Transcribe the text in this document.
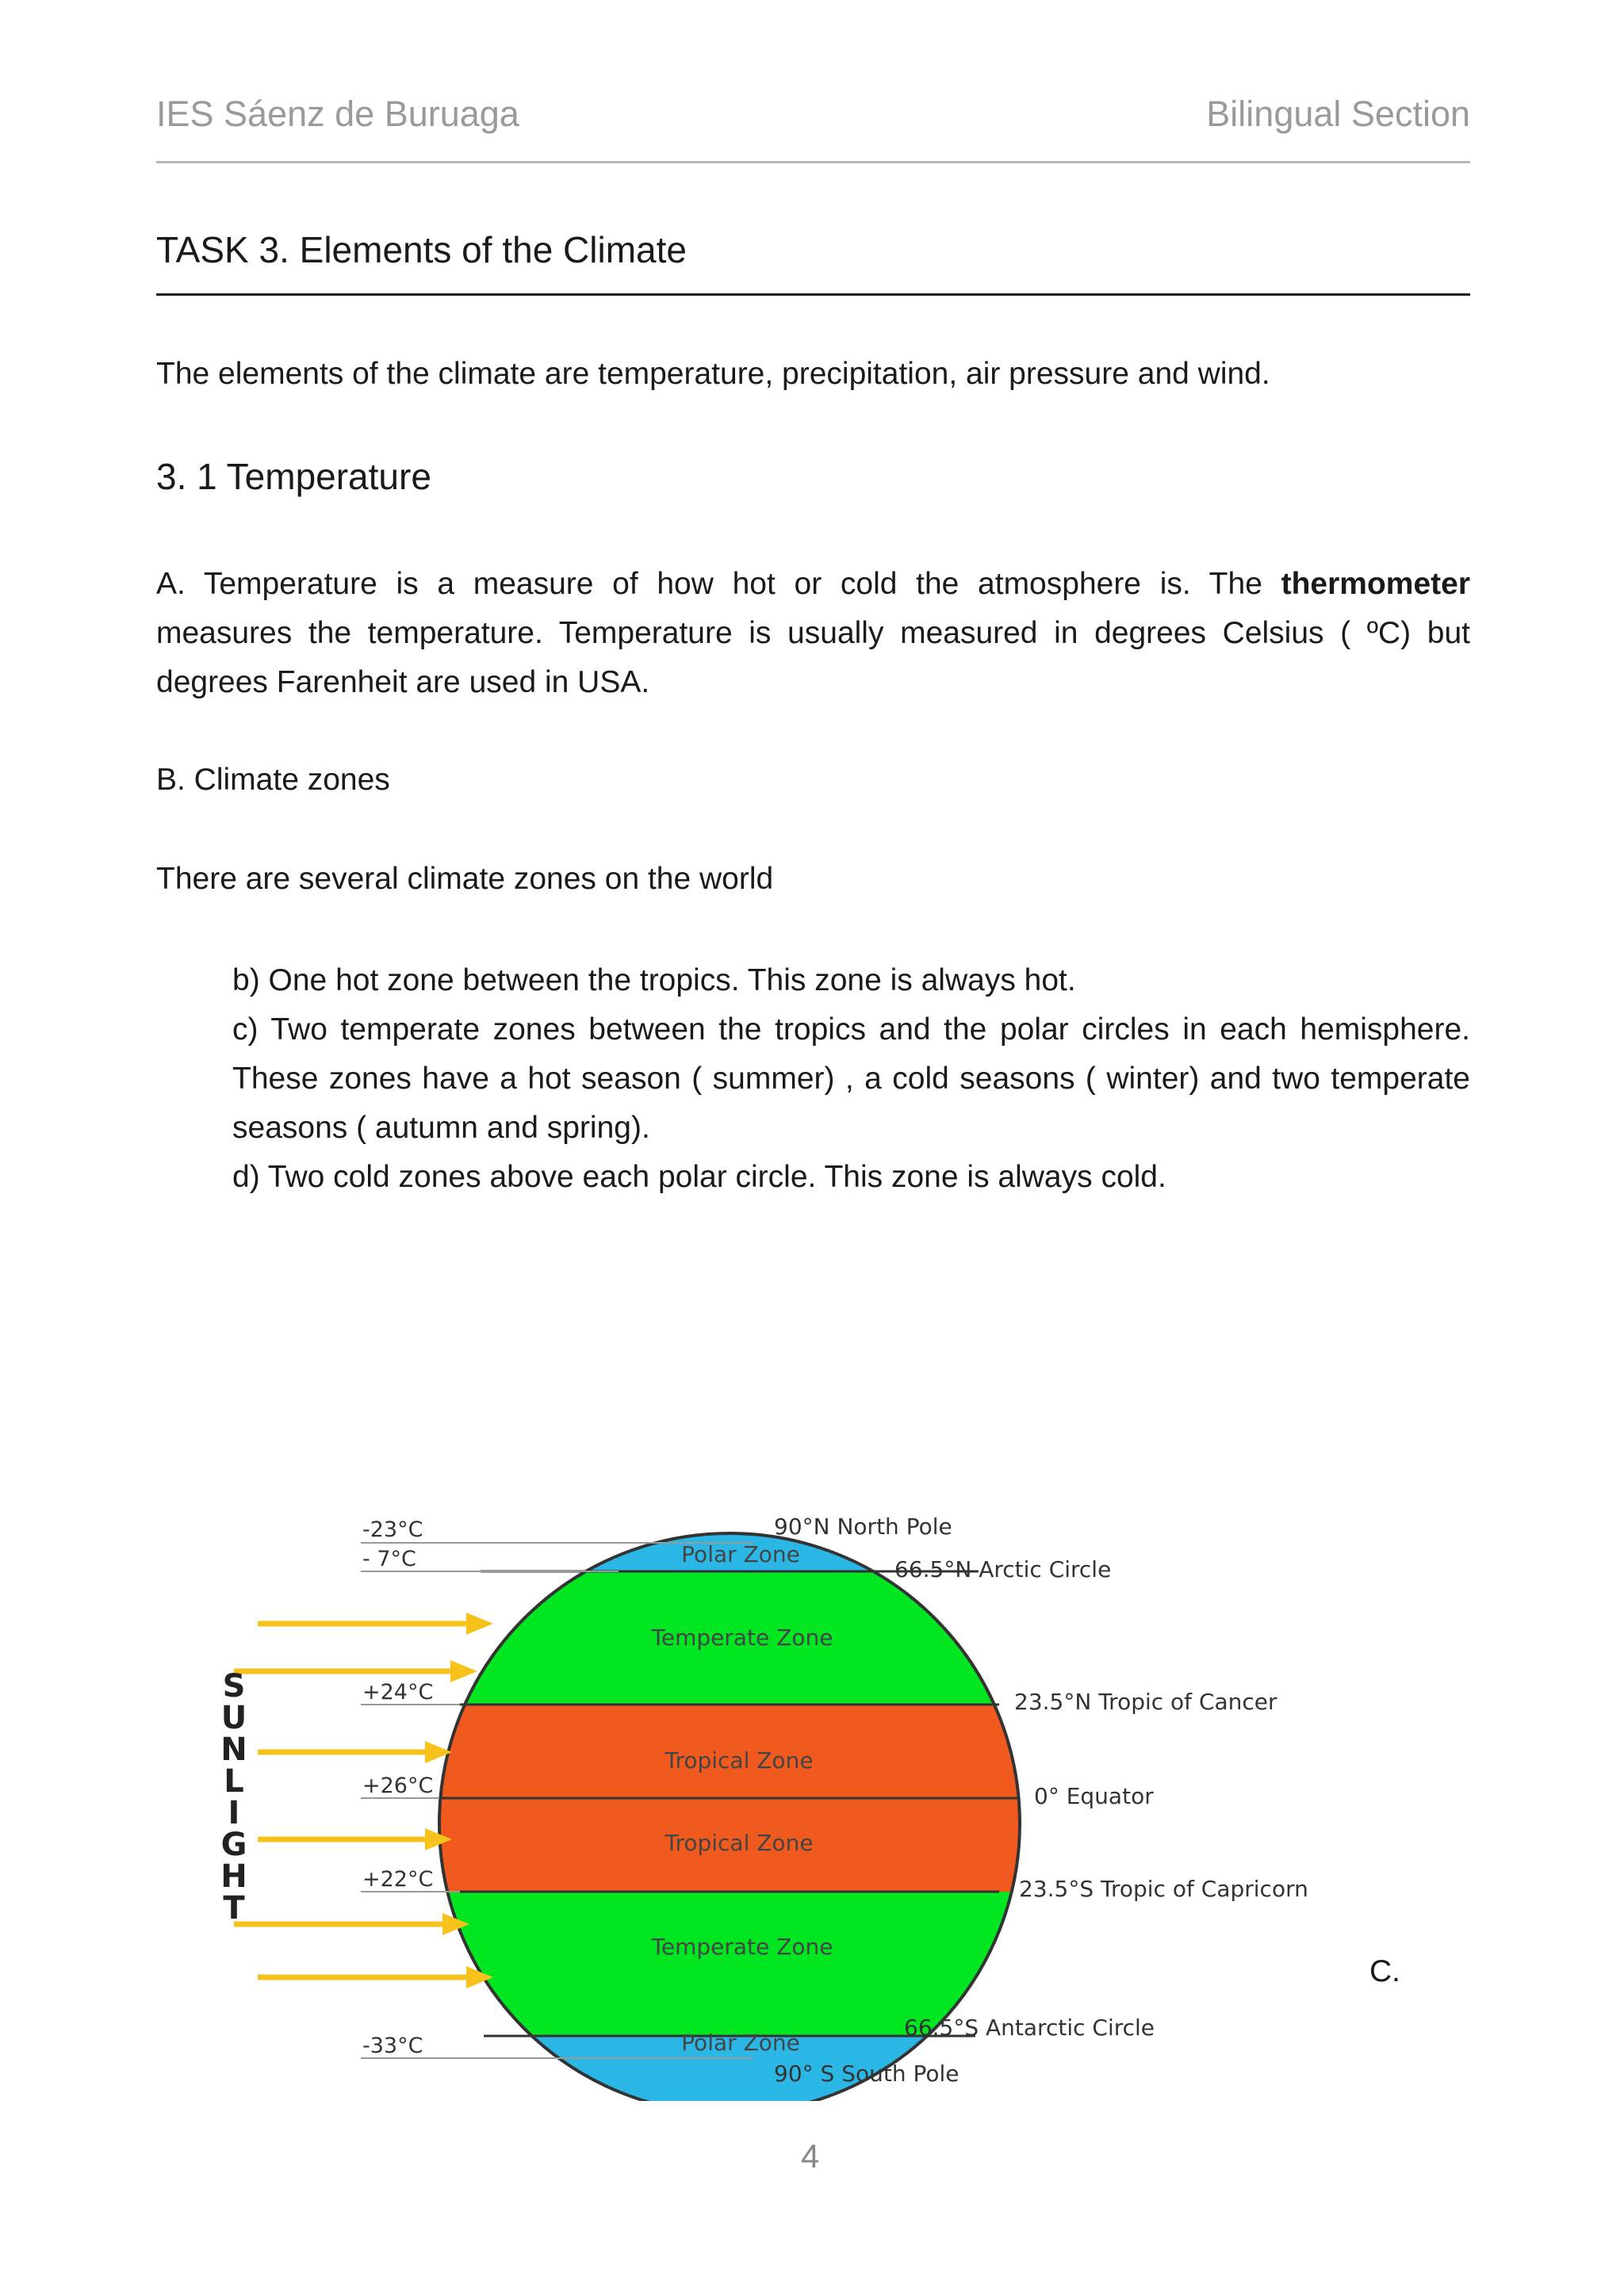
IES Sáenz de Buruaga	Bilingual Section
TASK 3. Elements of the Climate
The elements of the climate are temperature, precipitation, air pressure and wind.
3. 1 Temperature
A. Temperature is a measure of how hot or cold the atmosphere is. The thermometer measures the temperature. Temperature is usually measured in degrees Celsius ( ºC) but degrees Farenheit are used in USA.
B. Climate zones
There are several climate zones on the world
b) One hot zone between the tropics. This zone is always hot.
c) Two temperate zones between the tropics and the polar circles in each hemisphere. These zones have a hot season ( summer) , a cold seasons ( winter) and two temperate seasons ( autumn and spring).
d) Two cold zones above each polar circle. This zone is always cold.
-23°C
- 7°C
+24°C
+26°C
+22°C
-33°C
Polar Zone
Temperate Zone
Tropical Zone
Tropical Zone
Temperate Zone
Polar Zone
90°N North Pole
66.5°N Arctic Circle
23.5°N Tropic of Cancer
0° Equator
23.5°S Tropic of Capricorn
66.5°S Antarctic Circle
90° S South Pole
S
U
N
L
I
G
H
T
C.
4
